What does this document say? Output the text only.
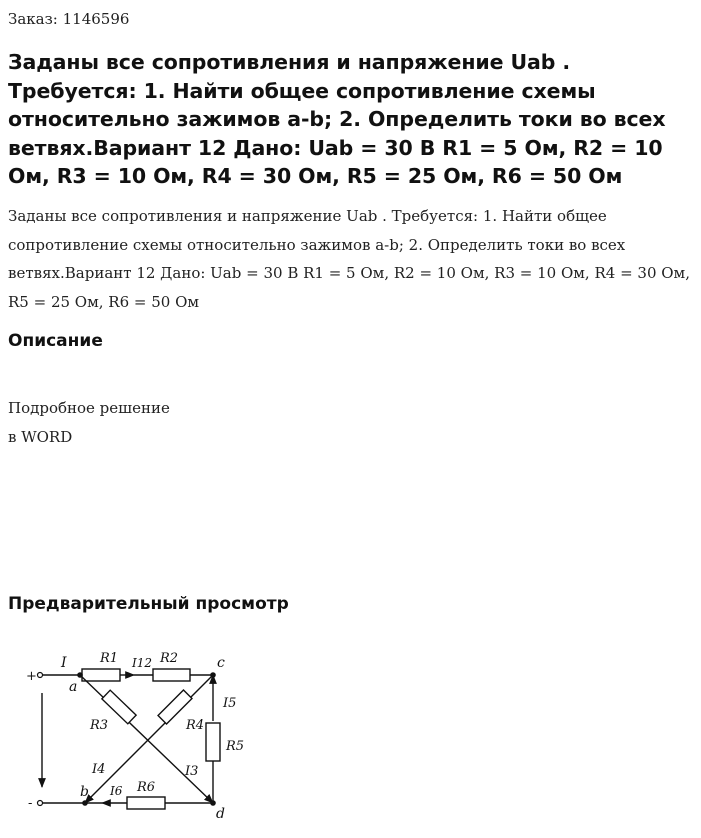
Заказ: 1146596
Заданы все сопротивления и напряжение Uab . Требуется: 1. Найти общее сопротивление схемы относительно зажимов a-b; 2. Определить токи во всех ветвях.Вариант 12 Дано: Uab = 30 В R1 = 5 Ом, R2 = 10 Ом, R3 = 10 Ом, R4 = 30 Ом, R5 = 25 Ом, R6 = 50 Ом

Заданы все сопротивления и напряжение Uab . Требуется: 1. Найти общее сопротивление схемы относительно зажимов a-b; 2. Определить токи во всех ветвях.Вариант 12 Дано: Uab = 30 В R1 = 5 Ом, R2 = 10 Ом, R3 = 10 Ом, R4 = 30 Ом, R5 = 25 Ом, R6 = 50 Ом

Описание
Подробное решение
в WORD
Предварительный просмотр
+
-
a
b
c
d
I	I12
I3
I4
I5
I6
R1	R2
R3	R4
R5
R6
